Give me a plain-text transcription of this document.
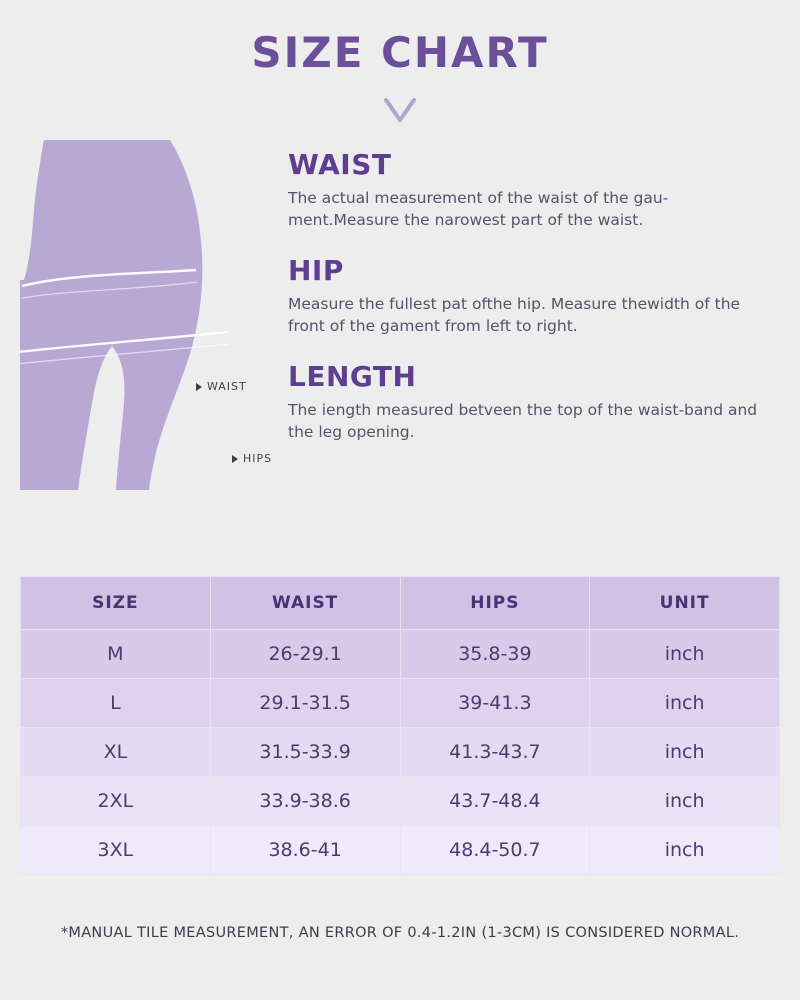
SIZE CHART
WAIST
HIPS
WAIST

The actual measurement of the waist of the gau-ment.Measure the narowest part of the waist.

HIP

Measure the fullest pat ofthe hip. Measure thewidth of the front of the gament from left to right.

LENGTH

The iength measured betveen the top of the waist-band and the leg opening.

SIZE	WAIST	HIPS	UNIT
M	26-29.1	35.8-39	inch
L	29.1-31.5	39-41.3	inch
XL	31.5-33.9	41.3-43.7	inch
2XL	33.9-38.6	43.7-48.4	inch
3XL	38.6-41	48.4-50.7	inch
*MANUAL TILE MEASUREMENT, AN ERROR OF 0.4-1.2IN (1-3CM) IS CONSIDERED NORMAL.
